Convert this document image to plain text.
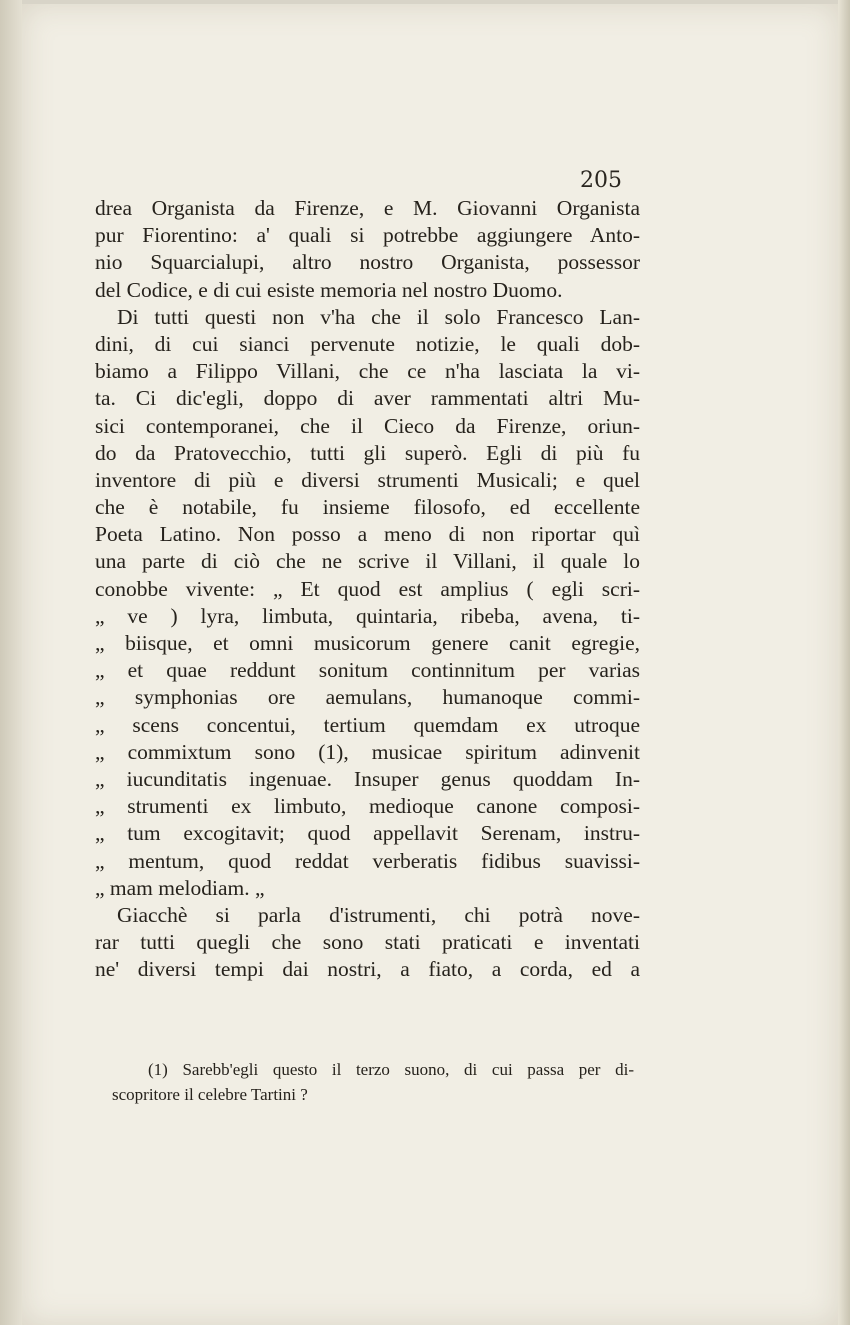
205
drea Organista da Firenze, e M. Giovanni Organista
pur Fiorentino: a' quali si potrebbe aggiungere Anto-
nio Squarcialupi, altro nostro Organista, possessor
del Codice, e di cui esiste memoria nel nostro Duomo.
Di tutti questi non v'ha che il solo Francesco Lan-
dini, di cui sianci pervenute notizie, le quali dob-
biamo a Filippo Villani, che ce n'ha lasciata la vi-
ta. Ci dic'egli, doppo di aver rammentati altri Mu-
sici contemporanei, che il Cieco da Firenze, oriun-
do da Pratovecchio, tutti gli superò. Egli di più fu
inventore di più e diversi strumenti Musicali; e quel
che è notabile, fu insieme filosofo, ed eccellente
Poeta Latino. Non posso a meno di non riportar quì
una parte di ciò che ne scrive il Villani, il quale lo
conobbe vivente: „ Et quod est amplius ( egli scri-
„ ve ) lyra, limbuta, quintaria, ribeba, avena, ti-
„ biisque, et omni musicorum genere canit egregie,
„ et quae reddunt sonitum continnitum per varias
„ symphonias ore aemulans, humanoque commi-
„ scens concentui, tertium quemdam ex utroque
„ commixtum sono (1), musicae spiritum adinvenit
„ iucunditatis ingenuae. Insuper genus quoddam In-
„ strumenti ex limbuto, medioque canone composi-
„ tum excogitavit; quod appellavit Serenam, instru-
„ mentum, quod reddat verberatis fidibus suavissi-
„ mam melodiam. „
Giacchè si parla d'istrumenti, chi potrà nove-
rar tutti quegli che sono stati praticati e inventati
ne' diversi tempi dai nostri, a fiato, a corda, ed a
(1) Sarebb'egli questo il terzo suono, di cui passa per di-
scopritore il celebre Tartini ?
